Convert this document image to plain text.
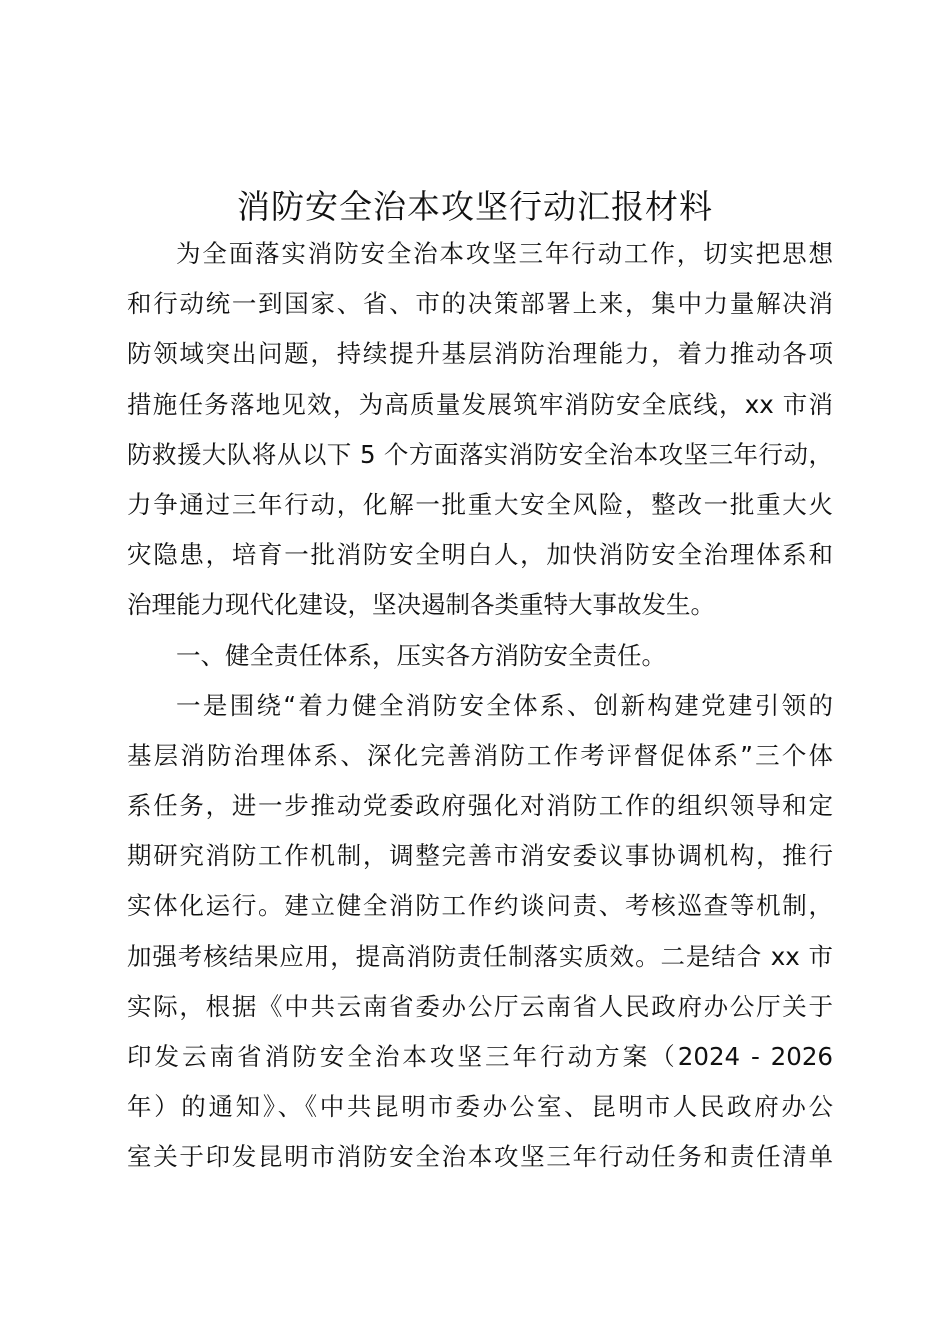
消防安全治本攻坚行动汇报材料
为全面落实消防安全治本攻坚三年行动工作，切实把思想
和行动统一到国家、省、市的决策部署上来，集中力量解决消
防领域突出问题，持续提升基层消防治理能力，着力推动各项
措施任务落地见效，为高质量发展筑牢消防安全底线，xx 市消
防救援大队将从以下 5 个方面落实消防安全治本攻坚三年行动，
力争通过三年行动，化解一批重大安全风险，整改一批重大火
灾隐患，培育一批消防安全明白人，加快消防安全治理体系和
治理能力现代化建设，坚决遏制各类重特大事故发生。
一、健全责任体系，压实各方消防安全责任。
一是围绕“着力健全消防安全体系、创新构建党建引领的
基层消防治理体系、深化完善消防工作考评督促体系”三个体
系任务，进一步推动党委政府强化对消防工作的组织领导和定
期研究消防工作机制，调整完善市消安委议事协调机构，推行
实体化运行。建立健全消防工作约谈问责、考核巡查等机制，
加强考核结果应用，提高消防责任制落实质效。二是结合 xx 市
实际，根据《中共云南省委办公厅云南省人民政府办公厅关于
印发云南省消防安全治本攻坚三年行动方案（2024 - 2026
年）的通知》、《中共昆明市委办公室、昆明市人民政府办公
室关于印发昆明市消防安全治本攻坚三年行动任务和责任清单
